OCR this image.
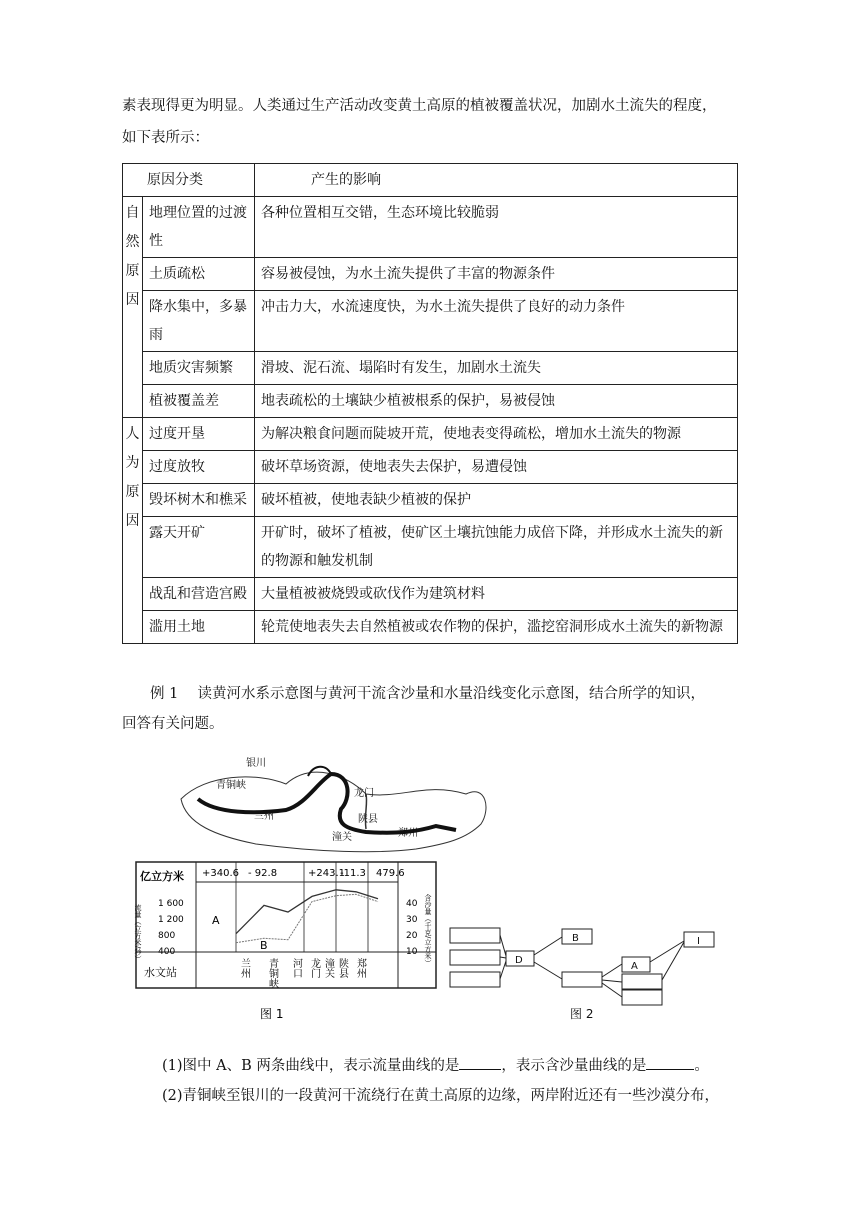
素表现得更为明显。人类通过生产活动改变黄土高原的植被覆盖状况，加剧水土流失的程度，
如下表所示：
原因分类		产生的影响

自然原因	地理位置的过渡性	各种位置相互交错，生态环境比较脆弱
	土质疏松	容易被侵蚀，为水土流失提供了丰富的物源条件
	降水集中，多暴雨	冲击力大，水流速度快，为水土流失提供了良好的动力条件
	地质灾害频繁	滑坡、泥石流、塌陷时有发生，加剧水土流失
	植被覆盖差	地表疏松的土壤缺少植被根系的保护，易被侵蚀

人为原因	过度开垦	为解决粮食问题而陡坡开荒，使地表变得疏松，增加水土流失的物源
	过度放牧	破坏草场资源，使地表失去保护，易遭侵蚀
	毁坏树木和樵采	破坏植被，使地表缺少植被的保护
	露天开矿	开矿时，破坏了植被，使矿区土壤抗蚀能力成倍下降，并形成水土流失的新的物源和触发机制
	战乱和营造宫殿	大量植被被烧毁或砍伐作为建筑材料
	滥用土地	轮荒使地表失去自然植被或农作物的保护，滥挖窑洞形成水土流失的新物源
例 1　 读黄河水系示意图与黄河干流含沙量和水量沿线变化示意图，结合所学的知识，
回答有关问题。
银川
青铜峡
兰州
龙门
陕县
潼关	郑州
亿立方米
流量（立方米/秒） 1 600
1 200
800
400	含沙量（千克/立方米）
40
30
20
10
+340.6 - 92.8	+243.1
-11.3 479.6
A
B
水文站	兰州 青铜峡 河口 龙门 潼关 陕县 郑州
图 1
D
B
A
I
图 2
(1)图中 A、B 两条曲线中，表示流量曲线的是	，表示含沙量曲线的是	。
(2)青铜峡至银川的一段黄河干流绕行在黄土高原的边缘，两岸附近还有一些沙漠分布，
